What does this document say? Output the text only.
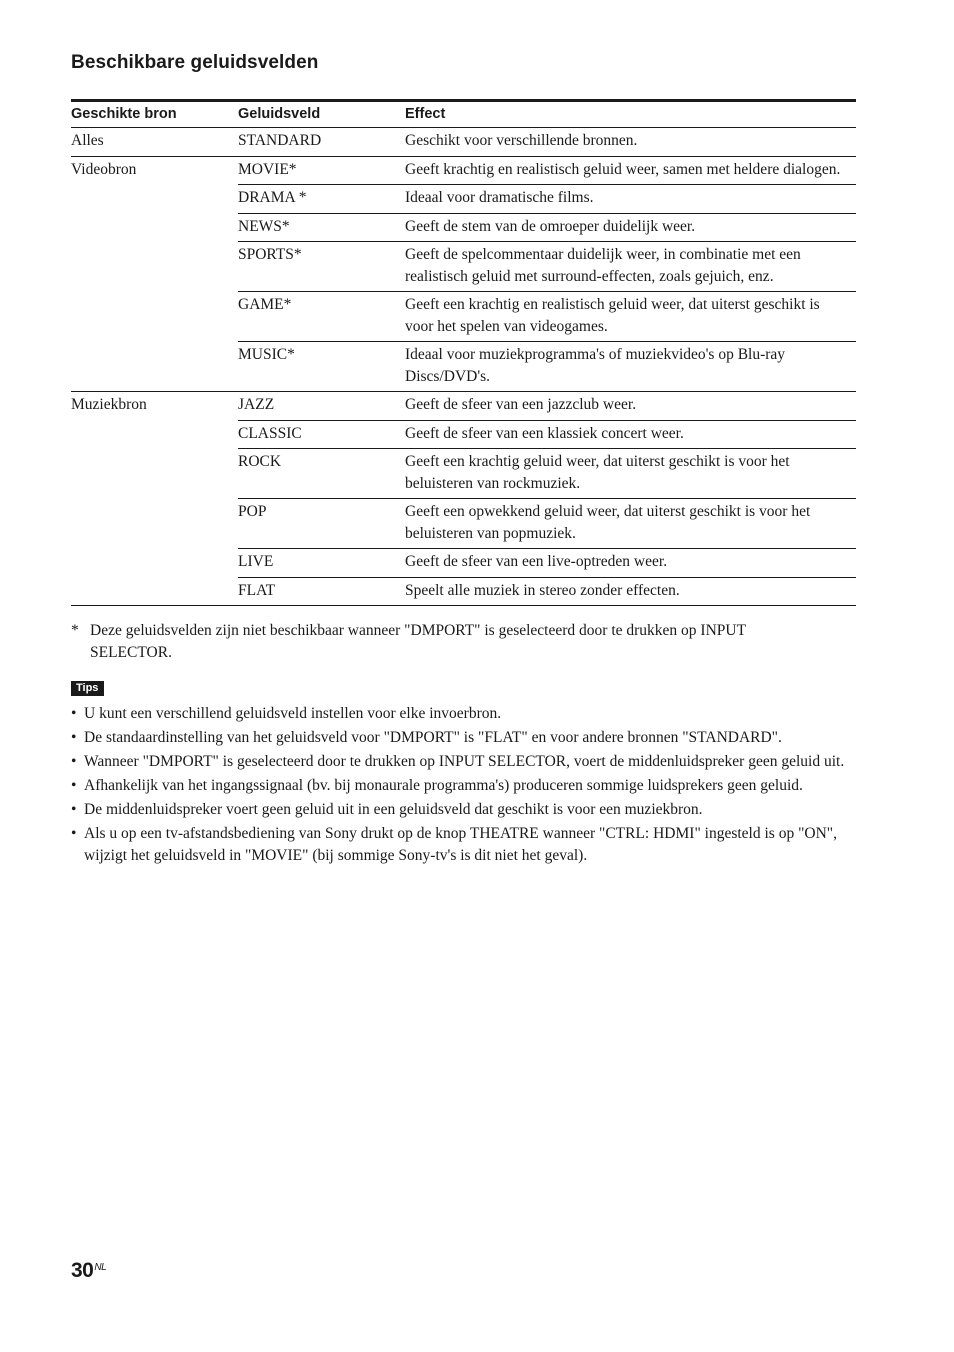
Beschikbare geluidsvelden
Geschikte bron	Geluidsveld	Effect
Alles	STANDARD	Geschikt voor verschillende bronnen.
Videobron	MOVIE*	Geeft krachtig en realistisch geluid weer, samen met heldere dialogen.
	DRAMA *	Ideaal voor dramatische films.
	NEWS*	Geeft de stem van de omroeper duidelijk weer.
	SPORTS*	Geeft de spelcommentaar duidelijk weer, in combinatie met een realistisch geluid met surround-effecten, zoals gejuich, enz.
	GAME*	Geeft een krachtig en realistisch geluid weer, dat uiterst geschikt is voor het spelen van videogames.
	MUSIC*	Ideaal voor muziekprogramma's of muziekvideo's op Blu-ray Discs/DVD's.
Muziekbron	JAZZ	Geeft de sfeer van een jazzclub weer.
	CLASSIC	Geeft de sfeer van een klassiek concert weer.
	ROCK	Geeft een krachtig geluid weer, dat uiterst geschikt is voor het beluisteren van rockmuziek.
	POP	Geeft een opwekkend geluid weer, dat uiterst geschikt is voor het beluisteren van popmuziek.
	LIVE	Geeft de sfeer van een live-optreden weer.
	FLAT	Speelt alle muziek in stereo zonder effecten.
* Deze geluidsvelden zijn niet beschikbaar wanneer "DMPORT" is geselecteerd door te drukken op INPUT SELECTOR.
Tips
• U kunt een verschillend geluidsveld instellen voor elke invoerbron.
• De standaardinstelling van het geluidsveld voor "DMPORT" is "FLAT" en voor andere bronnen "STANDARD".
• Wanneer "DMPORT" is geselecteerd door te drukken op INPUT SELECTOR, voert de middenluidspreker geen geluid uit.
• Afhankelijk van het ingangssignaal (bv. bij monaurale programma's) produceren sommige luidsprekers geen geluid.
• De middenluidspreker voert geen geluid uit in een geluidsveld dat geschikt is voor een muziekbron.
• Als u op een tv-afstandsbediening van Sony drukt op de knop THEATRE wanneer "CTRL: HDMI" ingesteld is op "ON", wijzigt het geluidsveld in "MOVIE" (bij sommige Sony-tv's is dit niet het geval).
$30^{NL}$
